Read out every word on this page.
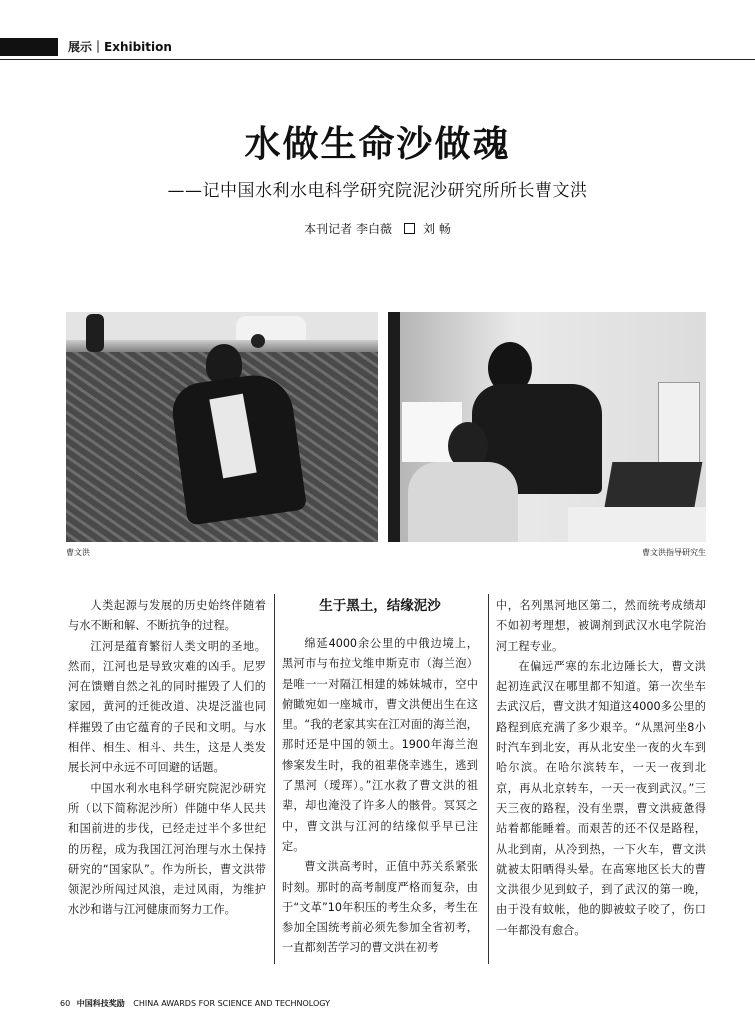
展示｜Exhibition
水做生命沙做魂
——记中国水利水电科学研究院泥沙研究所所长曹文洪
本刊记者 李白薇	刘 畅
曹文洪	曹文洪指导研究生

人类起源与发展的历史始终伴随着与水不断和解、不断抗争的过程。

江河是蕴育繁衍人类文明的圣地。然而，江河也是导致灾难的凶手。尼罗河在馈赠自然之礼的同时摧毁了人们的家园，黄河的迁徙改道、决堤泛滥也同样摧毁了由它蕴育的子民和文明。与水相伴、相生、相斗、共生，这是人类发展长河中永远不可回避的话题。

中国水利水电科学研究院泥沙研究所（以下简称泥沙所）伴随中华人民共和国前进的步伐，已经走过半个多世纪的历程，成为我国江河治理与水土保持研究的“国家队”。作为所长，曹文洪带领泥沙所闯过风浪，走过风雨，为维护水沙和谐与江河健康而努力工作。

生于黑土，结缘泥沙

绵延4000余公里的中俄边境上，黑河市与布拉戈维申斯克市（海兰泡）是唯一一对隔江相建的姊妹城市，空中俯瞰宛如一座城市，曹文洪便出生在这里。“我的老家其实在江对面的海兰泡，那时还是中国的领土。1900年海兰泡惨案发生时，我的祖辈侥幸逃生，逃到了黑河（瑷珲）。”江水救了曹文洪的祖辈，却也淹没了许多人的骸骨。冥冥之中，曹文洪与江河的结缘似乎早已注定。

曹文洪高考时，正值中苏关系紧张时刻。那时的高考制度严格而复杂，由于“文革”10年积压的考生众多，考生在参加全国统考前必须先参加全省初考，一直都刻苦学习的曹文洪在初考

中，名列黑河地区第二，然而统考成绩却不如初考理想，被调剂到武汉水电学院治河工程专业。

在偏远严寒的东北边陲长大，曹文洪起初连武汉在哪里都不知道。第一次坐车去武汉后，曹文洪才知道这4000多公里的路程到底充满了多少艰辛。“从黑河坐8小时汽车到北安，再从北安坐一夜的火车到哈尔滨。在哈尔滨转车，一天一夜到北京，再从北京转车，一天一夜到武汉。”三天三夜的路程，没有坐票，曹文洪疲惫得站着都能睡着。而艰苦的还不仅是路程，从北到南，从冷到热，一下火车，曹文洪就被太阳晒得头晕。在高寒地区长大的曹文洪很少见到蚊子，到了武汉的第一晚，由于没有蚊帐，他的脚被蚊子咬了，伤口一年都没有愈合。

60 中国科技奖励 CHINA AWARDS FOR SCIENCE AND TECHNOLOGY
